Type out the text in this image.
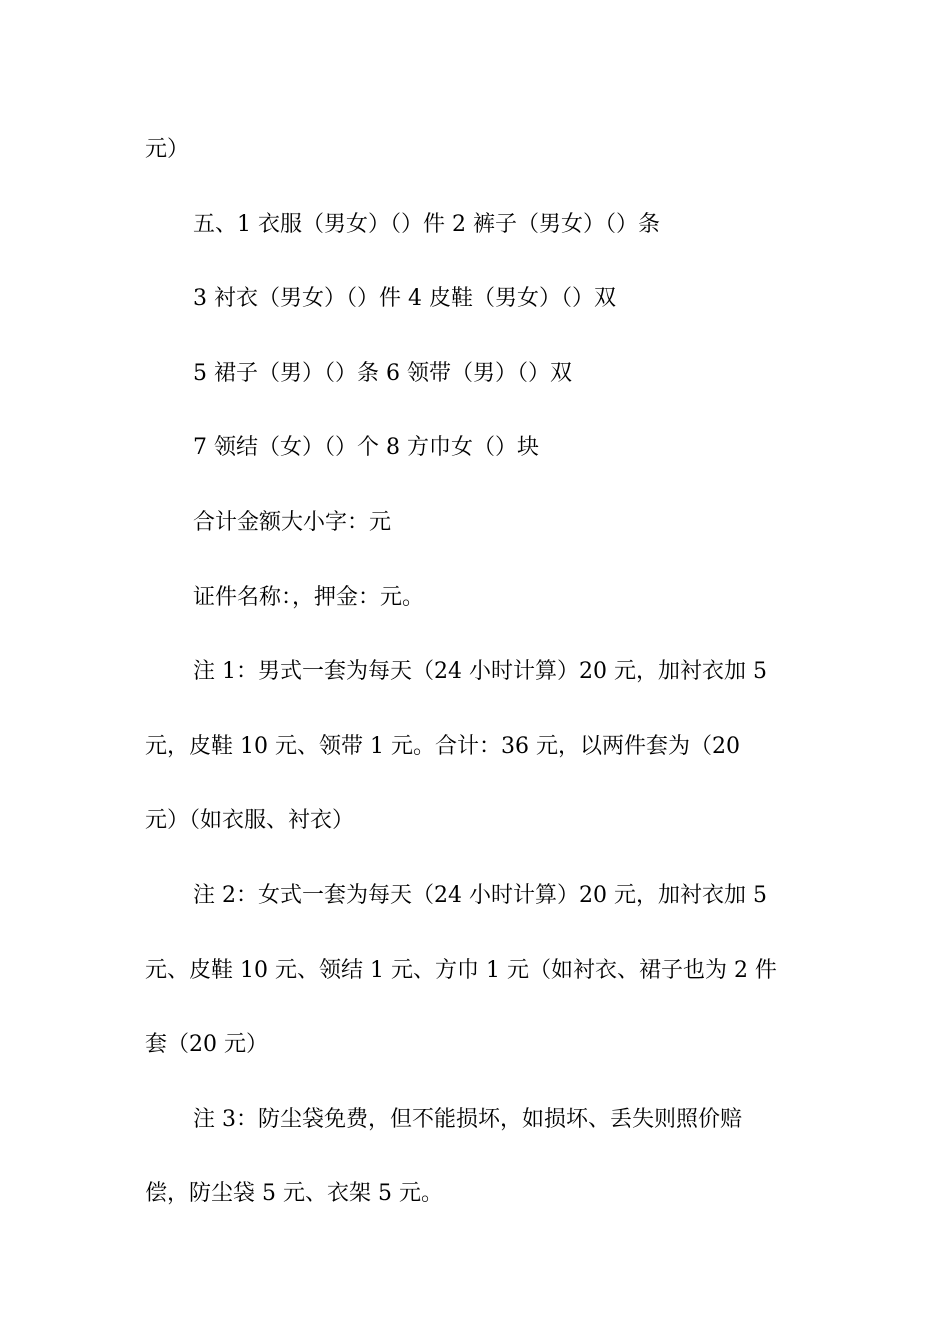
元）
五、1 衣服（男女）（）件 2 裤子（男女）（）条
3 衬衣（男女）（）件 4 皮鞋（男女）（）双
5 裙子（男）（）条 6 领带（男）（）双
7 领结（女）（）个 8 方巾女（）块
合计金额大小字：元
证件名称：，押金：元。
注 1：男式一套为每天（24 小时计算）20 元，加衬衣加 5
元，皮鞋 10 元、领带 1 元。合计：36 元，以两件套为（20
元）（如衣服、衬衣）
注 2：女式一套为每天（24 小时计算）20 元，加衬衣加 5
元、皮鞋 10 元、领结 1 元、方巾 1 元（如衬衣、裙子也为 2 件
套（20 元）
注 3：防尘袋免费，但不能损坏，如损坏、丢失则照价赔
偿，防尘袋 5 元、衣架 5 元。
